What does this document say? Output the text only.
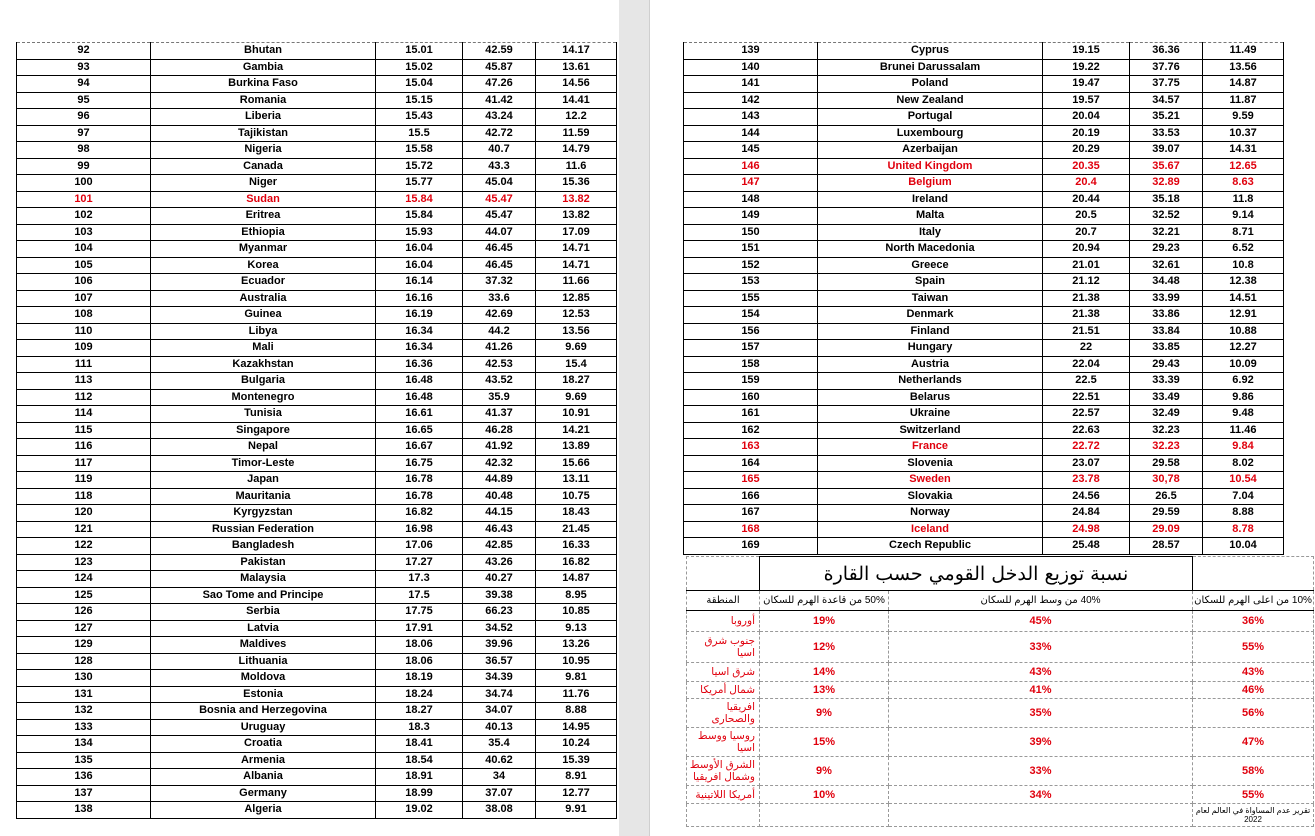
92	Bhutan	15.01	42.59	14.17
93	Gambia	15.02	45.87	13.61
94	Burkina Faso	15.04	47.26	14.56
95	Romania	15.15	41.42	14.41
96	Liberia	15.43	43.24	12.2
97	Tajikistan	15.5	42.72	11.59
98	Nigeria	15.58	40.7	14.79
99	Canada	15.72	43.3	11.6
100	Niger	15.77	45.04	15.36
101	Sudan	15.84	45.47	13.82
102	Eritrea	15.84	45.47	13.82
103	Ethiopia	15.93	44.07	17.09
104	Myanmar	16.04	46.45	14.71
105	Korea	16.04	46.45	14.71
106	Ecuador	16.14	37.32	11.66
107	Australia	16.16	33.6	12.85
108	Guinea	16.19	42.69	12.53
110	Libya	16.34	44.2	13.56
109	Mali	16.34	41.26	9.69
111	Kazakhstan	16.36	42.53	15.4
113	Bulgaria	16.48	43.52	18.27
112	Montenegro	16.48	35.9	9.69
114	Tunisia	16.61	41.37	10.91
115	Singapore	16.65	46.28	14.21
116	Nepal	16.67	41.92	13.89
117	Timor-Leste	16.75	42.32	15.66
119	Japan	16.78	44.89	13.11
118	Mauritania	16.78	40.48	10.75
120	Kyrgyzstan	16.82	44.15	18.43
121	Russian Federation	16.98	46.43	21.45
122	Bangladesh	17.06	42.85	16.33
123	Pakistan	17.27	43.26	16.82
124	Malaysia	17.3	40.27	14.87
125	Sao Tome and Principe	17.5	39.38	8.95
126	Serbia	17.75	66.23	10.85
127	Latvia	17.91	34.52	9.13
129	Maldives	18.06	39.96	13.26
128	Lithuania	18.06	36.57	10.95
130	Moldova	18.19	34.39	9.81
131	Estonia	18.24	34.74	11.76
132	Bosnia and Herzegovina	18.27	34.07	8.88
133	Uruguay	18.3	40.13	14.95
134	Croatia	18.41	35.4	10.24
135	Armenia	18.54	40.62	15.39
136	Albania	18.91	34	8.91
137	Germany	18.99	37.07	12.77
138	Algeria	19.02	38.08	9.91
139	Cyprus	19.15	36.36	11.49
140	Brunei Darussalam	19.22	37.76	13.56
141	Poland	19.47	37.75	14.87
142	New Zealand	19.57	34.57	11.87
143	Portugal	20.04	35.21	9.59
144	Luxembourg	20.19	33.53	10.37
145	Azerbaijan	20.29	39.07	14.31
146	United Kingdom	20.35	35.67	12.65
147	Belgium	20.4	32.89	8.63
148	Ireland	20.44	35.18	11.8
149	Malta	20.5	32.52	9.14
150	Italy	20.7	32.21	8.71
151	North Macedonia	20.94	29.23	6.52
152	Greece	21.01	32.61	10.8
153	Spain	21.12	34.48	12.38
155	Taiwan	21.38	33.99	14.51
154	Denmark	21.38	33.86	12.91
156	Finland	21.51	33.84	10.88
157	Hungary	22	33.85	12.27
158	Austria	22.04	29.43	10.09
159	Netherlands	22.5	33.39	6.92
160	Belarus	22.51	33.49	9.86
161	Ukraine	22.57	32.49	9.48
162	Switzerland	22.63	32.23	11.46
163	France	22.72	32.23	9.84
164	Slovenia	23.07	29.58	8.02
165	Sweden	23.78	30,78	10.54
166	Slovakia	24.56	26.5	7.04
167	Norway	24.84	29.59	8.88
168	Iceland	24.98	29.09	8.78
169	Czech Republic	25.48	28.57	10.04
	نسبة توزيع الدخل القومي حسب القارة		
المنطقة	50% من قاعدة الهرم للسكان	40% من وسط الهرم للسكان	10% من اعلى الهرم للسكان
أوروبا	19%	45%	36%
جنوب شرق اسيا	12%	33%	55%
شرق اسيا	14%	43%	43%
شمال أمريكا	13%	41%	46%
افريقيا والصحارى	9%	35%	56%
روسيا ووسط اسيا	15%	39%	47%
الشرق الأوسط وشمال افريقيا	9%	33%	58%
أمريكا اللاتينية	10%	34%	55%
			تقرير عدم المساواة في العالم لعام 2022
